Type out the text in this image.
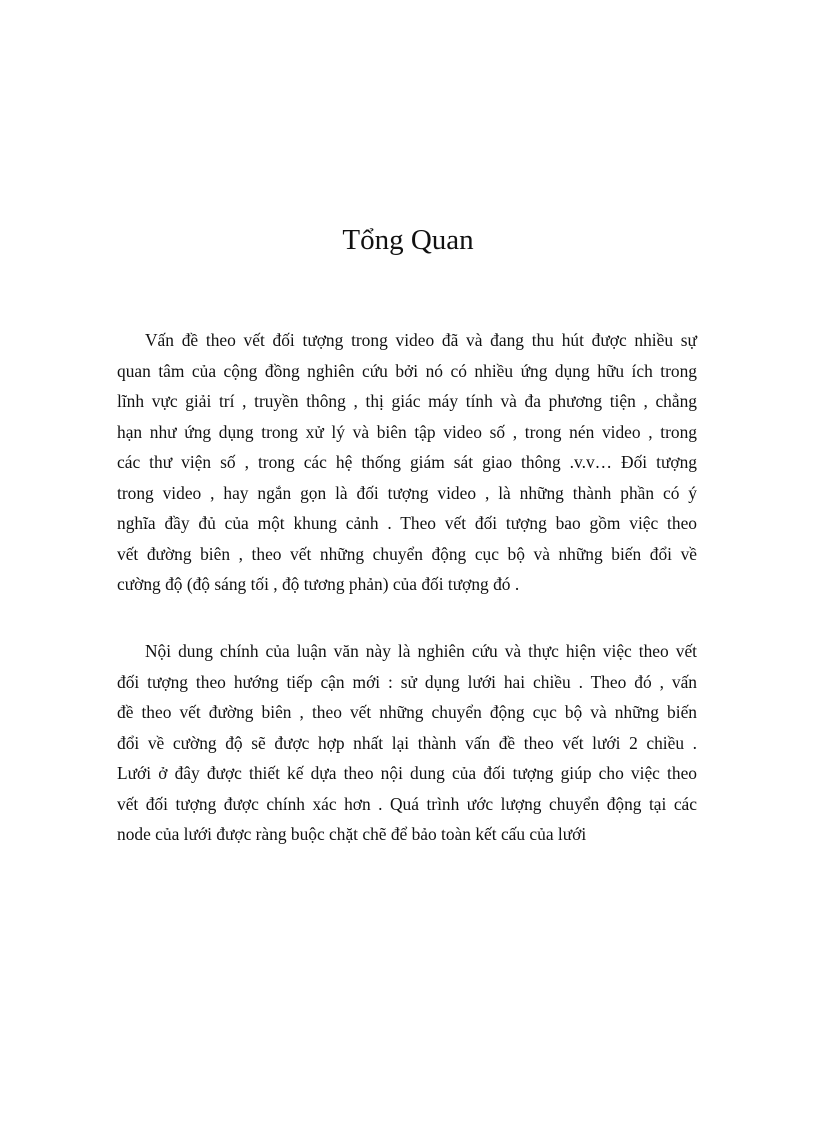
Tổng Quan
Vấn đề theo vết đối tượng trong video đã và đang thu hút được nhiều sự
quan tâm của cộng đồng nghiên cứu bởi nó có nhiều ứng dụng hữu ích trong
lĩnh vực giải trí , truyền thông , thị giác máy tính và đa phương tiện , chẳng
hạn như ứng dụng trong xử lý và biên tập video số , trong nén video , trong
các thư viện số , trong các hệ thống giám sát giao thông .v.v… Đối tượng
trong video , hay ngắn gọn là đối tượng video , là những thành phần có ý
nghĩa đầy đủ của một khung cảnh . Theo vết đối tượng bao gồm việc theo
vết đường biên , theo vết những chuyển động cục bộ và những biến đổi về
cường độ (độ sáng tối , độ tương phản) của đối tượng đó .
Nội dung chính của luận văn này là nghiên cứu và thực hiện việc theo vết
đối tượng theo hướng tiếp cận mới : sử dụng lưới hai chiều . Theo đó , vấn
đề theo vết đường biên , theo vết những chuyển động cục bộ và những biến
đổi về cường độ sẽ được hợp nhất lại thành vấn đề theo vết lưới 2 chiều .
Lưới ở đây được thiết kế dựa theo nội dung của đối tượng giúp cho việc theo
vết đối tượng được chính xác hơn . Quá trình ước lượng chuyển động tại các
node của lưới được ràng buộc chặt chẽ để bảo toàn kết cấu của lưới
